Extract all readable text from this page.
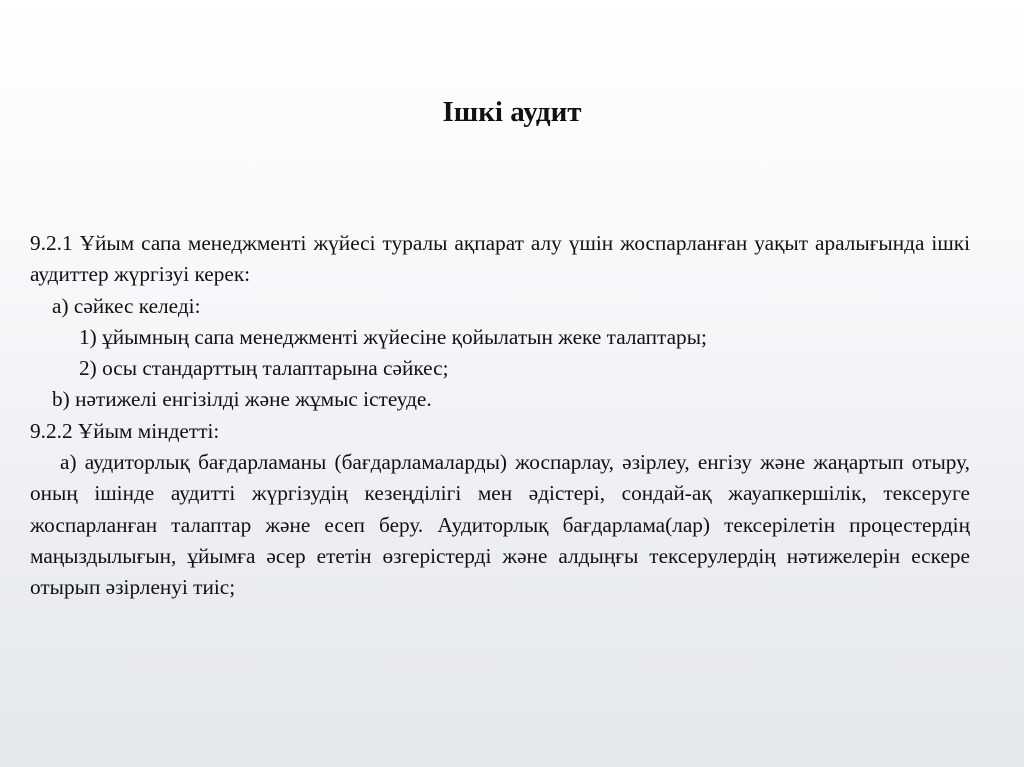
Ішкі аудит

9.2.1 Ұйым сапа менеджменті жүйесі туралы ақпарат алу үшін жоспарланған уақыт аралығында ішкі аудиттер жүргізуі керек:

a) сәйкес келеді:

1) ұйымның сапа менеджменті жүйесіне қойылатын жеке талаптары;

2) осы стандарттың талаптарына сәйкес;

b) нәтижелі енгізілді және жұмыс істеуде.

9.2.2 Ұйым міндетті:

a) аудиторлық бағдарламаны (бағдарламаларды) жоспарлау, әзірлеу, енгізу және жаңартып отыру, оның ішінде аудитті жүргізудің кезеңділігі мен әдістері, сондай-ақ жауапкершілік, тексеруге жоспарланған талаптар және есеп беру. Аудиторлық бағдарлама(лар) тексерілетін процестердің маңыздылығын, ұйымға әсер ететін өзгерістерді және алдыңғы тексерулердің нәтижелерін ескере отырып әзірленуі тиіс;
